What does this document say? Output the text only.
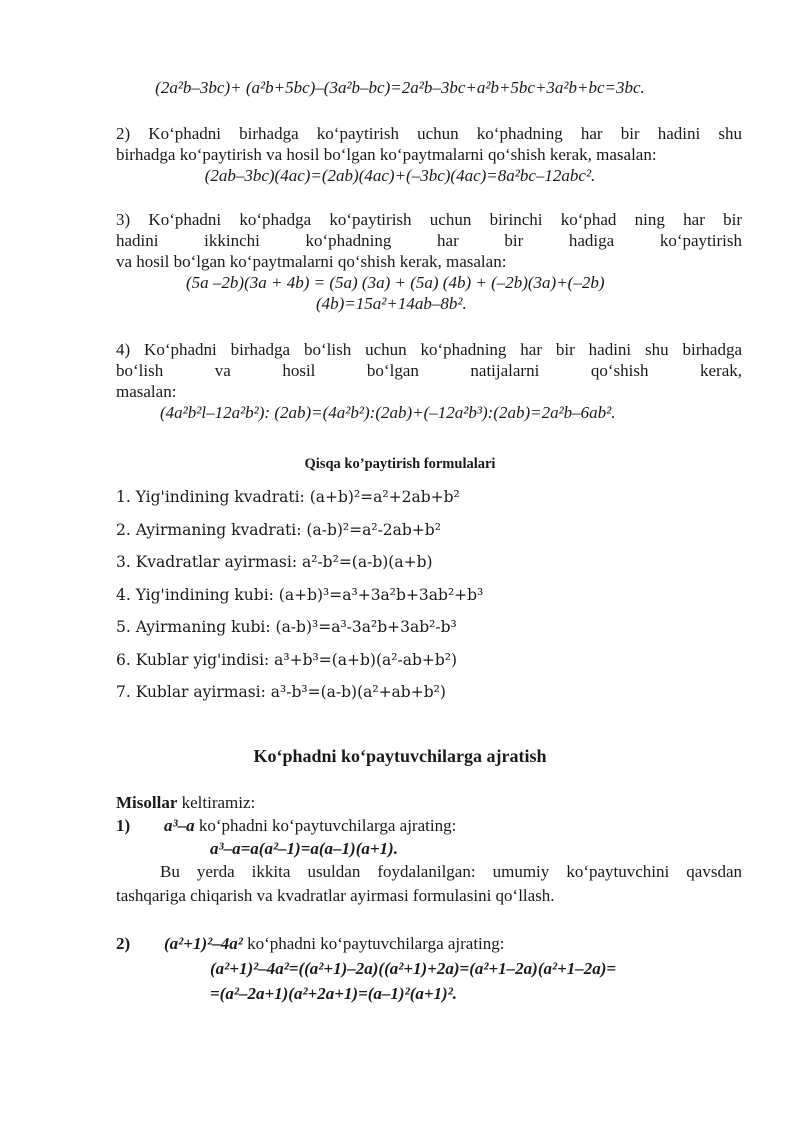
(2a²b–3bc)+ (a²b+5bc)–(3a²b–bc)=2a²b–3bc+a²b+5bc+3a²b+bc=3bc.
2) Ko‘phadni birhadga ko‘paytirish uchun ko‘phadning har bir hadini shu
birhadga ko‘paytirish va hosil bo‘lgan ko‘paytmalarni qo‘shish kerak, masalan:
(2ab–3bc)(4ac)=(2ab)(4ac)+(–3bc)(4ac)=8a²bc–12abc².
3) Ko‘phadni ko‘phadga ko‘paytirish uchun birinchi ko‘phad ning har bir
hadini ikkinchi ko‘phadning har bir hadiga ko‘paytirish
va hosil bo‘lgan ko‘paytmalarni qo‘shish kerak, masalan:
(5a –2b)(3a + 4b) = (5a) (3a) + (5a) (4b) + (–2b)(3a)+(–2b)
(4b)=15a²+14ab–8b².
4) Ko‘phadni birhadga bo‘lish uchun ko‘phadning har bir hadini shu birhadga
bo‘lish va hosil bo‘lgan natijalarni qo‘shish kerak,
masalan:
(4a²b²l–12a²b²): (2ab)=(4a²b²):(2ab)+(–12a²b³):(2ab)=2a²b–6ab².
Qisqa ko’paytirish formulalari
1. Yig'indining kvadrati: (a+b)²=a²+2ab+b²
2. Ayirmaning kvadrati: (a-b)²=a²-2ab+b²
3. Kvadratlar ayirmasi: a²-b²=(a-b)(a+b)
4. Yig'indining kubi: (a+b)³=a³+3a²b+3ab²+b³
5. Ayirmaning kubi: (a-b)³=a³-3a²b+3ab²-b³
6. Kublar yig'indisi: a³+b³=(a+b)(a²-ab+b²)
7. Kublar ayirmasi: a³-b³=(a-b)(a²+ab+b²)
Ko‘phadni ko‘paytuvchilarga ajratish
Misollar keltiramiz:
1) a³–a ko‘phadni ko‘paytuvchilarga ajrating:
a³–a=a(a²–1)=a(a–1)(a+1).
Bu yerda ikkita usuldan foydalanilgan: umumiy ko‘paytuvchini qavsdan
tashqariga chiqarish va kvadratlar ayirmasi formulasini qo‘llash.
2) (a²+1)²–4a² ko‘phadni ko‘paytuvchilarga ajrating:
(a²+1)²–4a²=((a²+1)–2a)((a²+1)+2a)=(a²+1–2a)(a²+1–2a)=
=(a²–2a+1)(a²+2a+1)=(a–1)²(a+1)².
